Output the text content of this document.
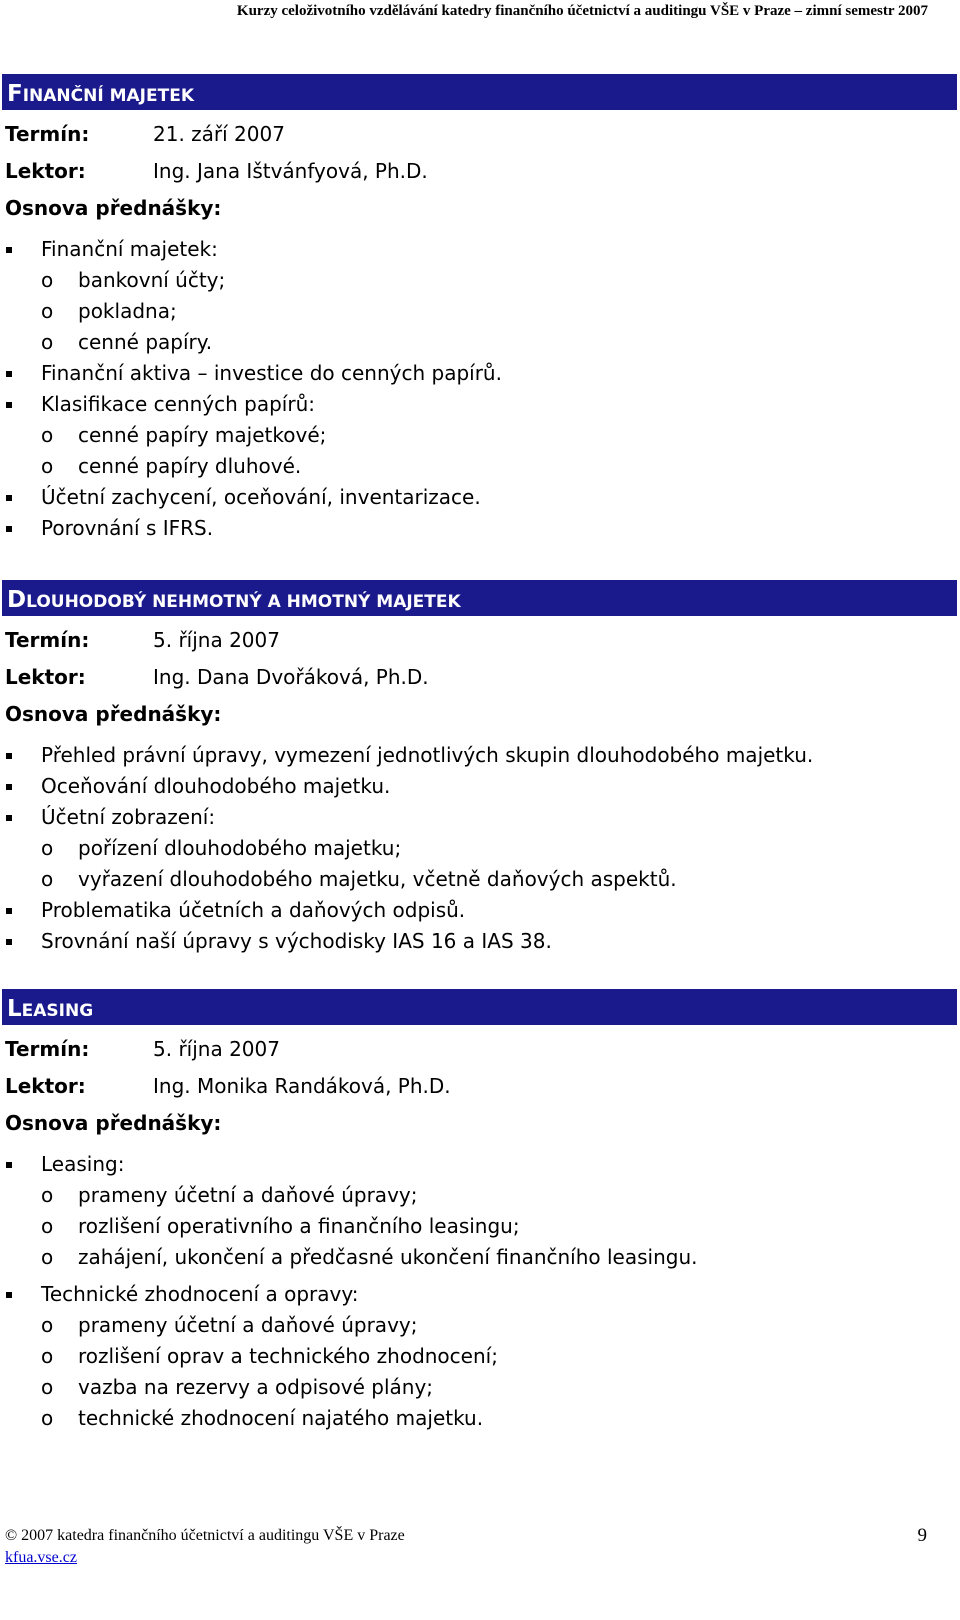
Kurzy celoživotního vzdělávání katedry finančního účetnictví a auditingu VŠE v Praze – zimní semestr 2007
FINANČNÍ MAJETEK
Termín:	21. září 2007
Lektor:	Ing. Jana Ištvánfyová, Ph.D.
Osnova přednášky:
Finanční majetek:
o bankovní účty;
o pokladna;
o cenné papíry.
Finanční aktiva – investice do cenných papírů.
Klasifikace cenných papírů:
o cenné papíry majetkové;
o cenné papíry dluhové.
Účetní zachycení, oceňování, inventarizace.
Porovnání s IFRS.
DLOUHODOBÝ NEHMOTNÝ A HMOTNÝ MAJETEK
Termín:	5. října 2007
Lektor:	Ing. Dana Dvořáková, Ph.D.
Osnova přednášky:
Přehled právní úpravy, vymezení jednotlivých skupin dlouhodobého majetku.
Oceňování dlouhodobého majetku.
Účetní zobrazení:
o pořízení dlouhodobého majetku;
o vyřazení dlouhodobého majetku, včetně daňových aspektů.
Problematika účetních a daňových odpisů.
Srovnání naší úpravy s východisky IAS 16 a IAS 38.
LEASING
Termín:	5. října 2007
Lektor:	Ing. Monika Randáková, Ph.D.
Osnova přednášky:
Leasing:
o prameny účetní a daňové úpravy;
o rozlišení operativního a finančního leasingu;
o zahájení, ukončení a předčasné ukončení finančního leasingu.
Technické zhodnocení a opravy:
o prameny účetní a daňové úpravy;
o rozlišení oprav a technického zhodnocení;
o vazba na rezervy a odpisové plány;
o technické zhodnocení najatého majetku.
© 2007 katedra finančního účetnictví a auditingu VŠE v Praze
kfua.vse.cz
9
